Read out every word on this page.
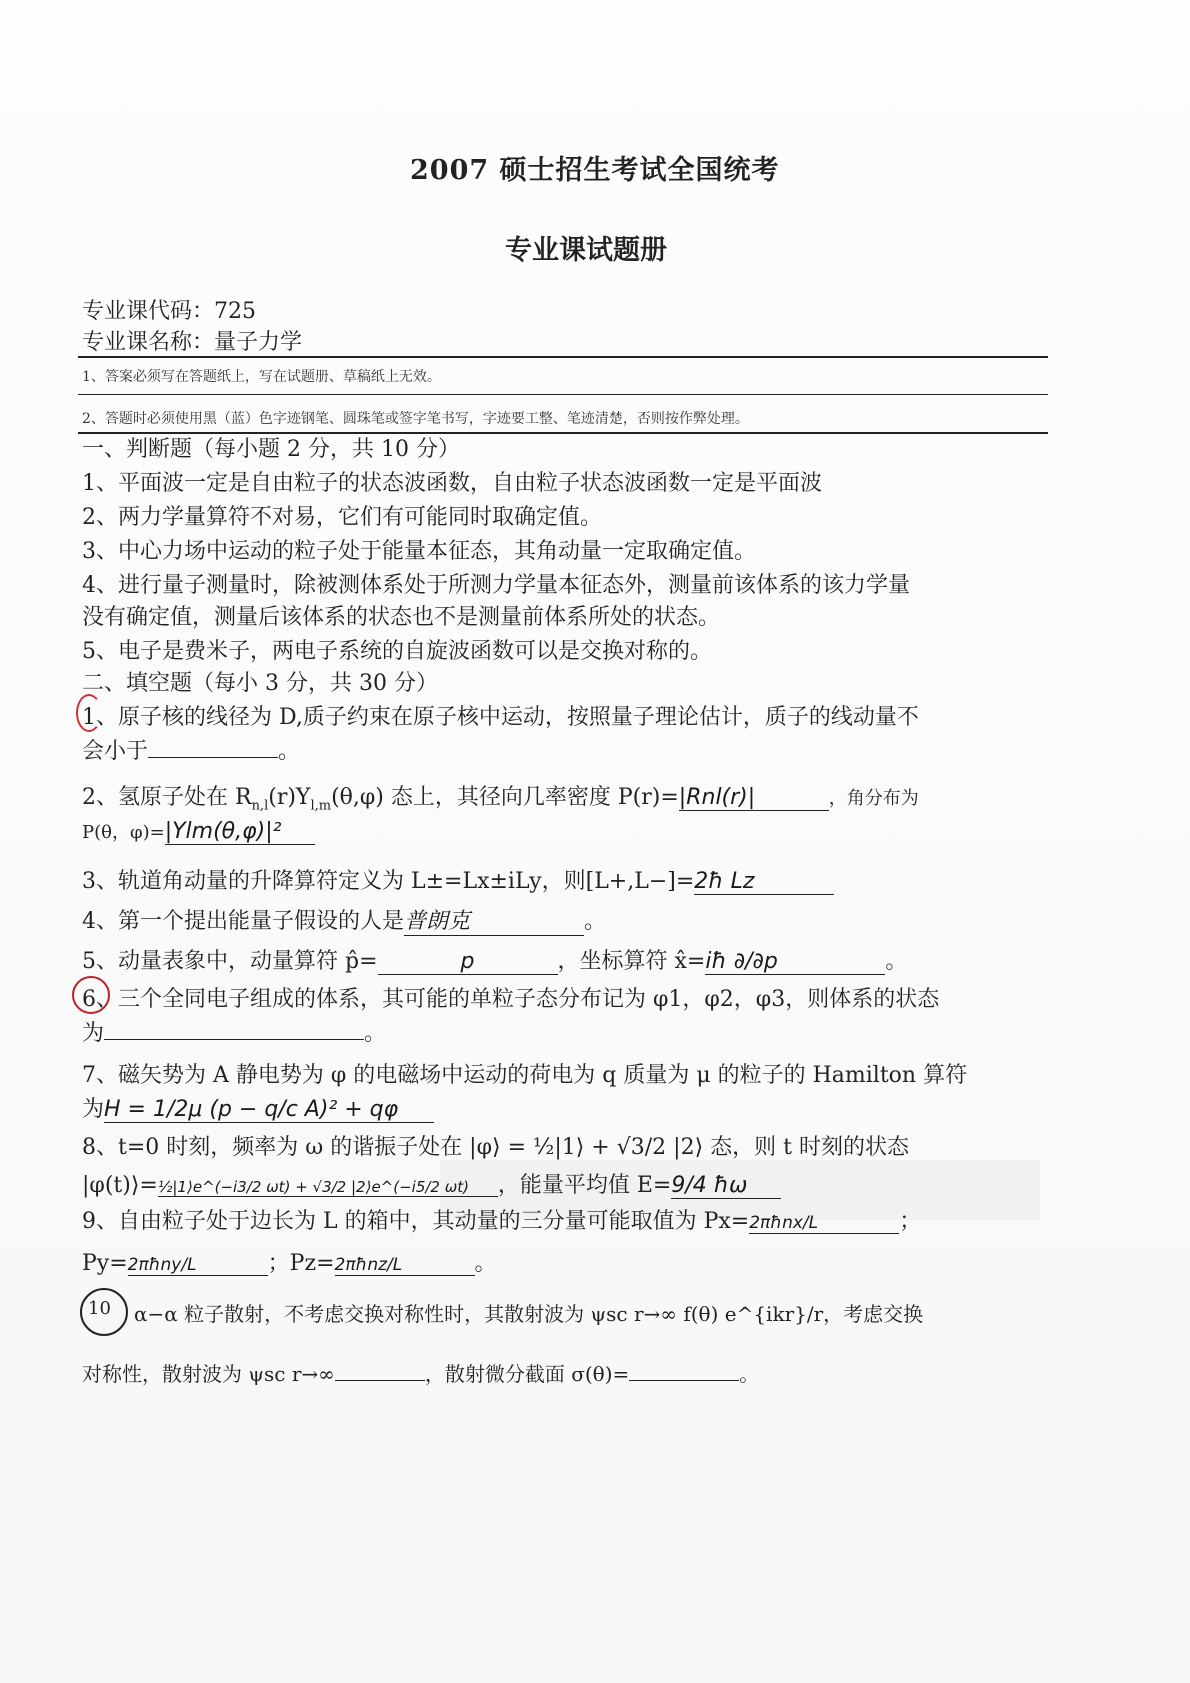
2007 硕士招生考试全国统考
专业课试题册
专业课代码：725
专业课名称：量子力学
1、答案必须写在答题纸上，写在试题册、草稿纸上无效。
2、答题时必须使用黑（蓝）色字迹钢笔、圆珠笔或签字笔书写，字迹要工整、笔迹清楚，否则按作弊处理。
一、判断题（每小题 2 分，共 10 分）
1、平面波一定是自由粒子的状态波函数，自由粒子状态波函数一定是平面波
2、两力学量算符不对易，它们有可能同时取确定值。
3、中心力场中运动的粒子处于能量本征态，其角动量一定取确定值。
4、进行量子测量时，除被测体系处于所测力学量本征态外，测量前该体系的该力学量
没有确定值，测量后该体系的状态也不是测量前体系所处的状态。
5、电子是费米子，两电子系统的自旋波函数可以是交换对称的。
二、填空题（每小 3 分，共 30 分）
1、原子核的线径为 D,质子约束在原子核中运动，按照量子理论估计，质子的线动量不
会小于	。
2、氢原子处在 $R_{n,l}(r)Y_{l,m}(\theta,\varphi)$ 态上，其径向几率密度 P(r)=|Rnl(r)|	，角分布为
P(θ，φ)=|Ylm(θ,φ)|²
3、轨道角动量的升降算符定义为 L±=Lx±iLy，则[L+,L−]=2ħ Lz
4、第一个提出能量子假设的人是普朗克	。
5、动量表象中，动量算符 p̂=	p	，坐标算符 x̂=iħ ∂/∂p	。
6、三个全同电子组成的体系，其可能的单粒子态分布记为 φ1，φ2，φ3，则体系的状态
为	。
7、磁矢势为 A 静电势为 φ 的电磁场中运动的荷电为 q 质量为 μ 的粒子的 Hamilton 算符
为H = 1/2μ (p − q/c A)² + qφ
8、t=0 时刻，频率为 ω 的谐振子处在 |φ⟩ = ½|1⟩ + √3/2 |2⟩ 态，则 t 时刻的状态
|φ(t)⟩=½|1⟩e^(−i3/2 ωt) + √3/2 |2⟩e^(−i5/2 ωt) ，能量平均值 E=9/4 ħω
9、自由粒子处于边长为 L 的箱中，其动量的三分量可能取值为 Px=2πħnx/L	；
Py=2πħny/L	；Pz=2πħnz/L	。
10 α−α 粒子散射，不考虑交换对称性时，其散射波为 ψsc r→∞ f(θ) e^{ikr}/r，考虑交换
对称性，散射波为 ψsc r→∞	，散射微分截面 σ(θ)=	。
